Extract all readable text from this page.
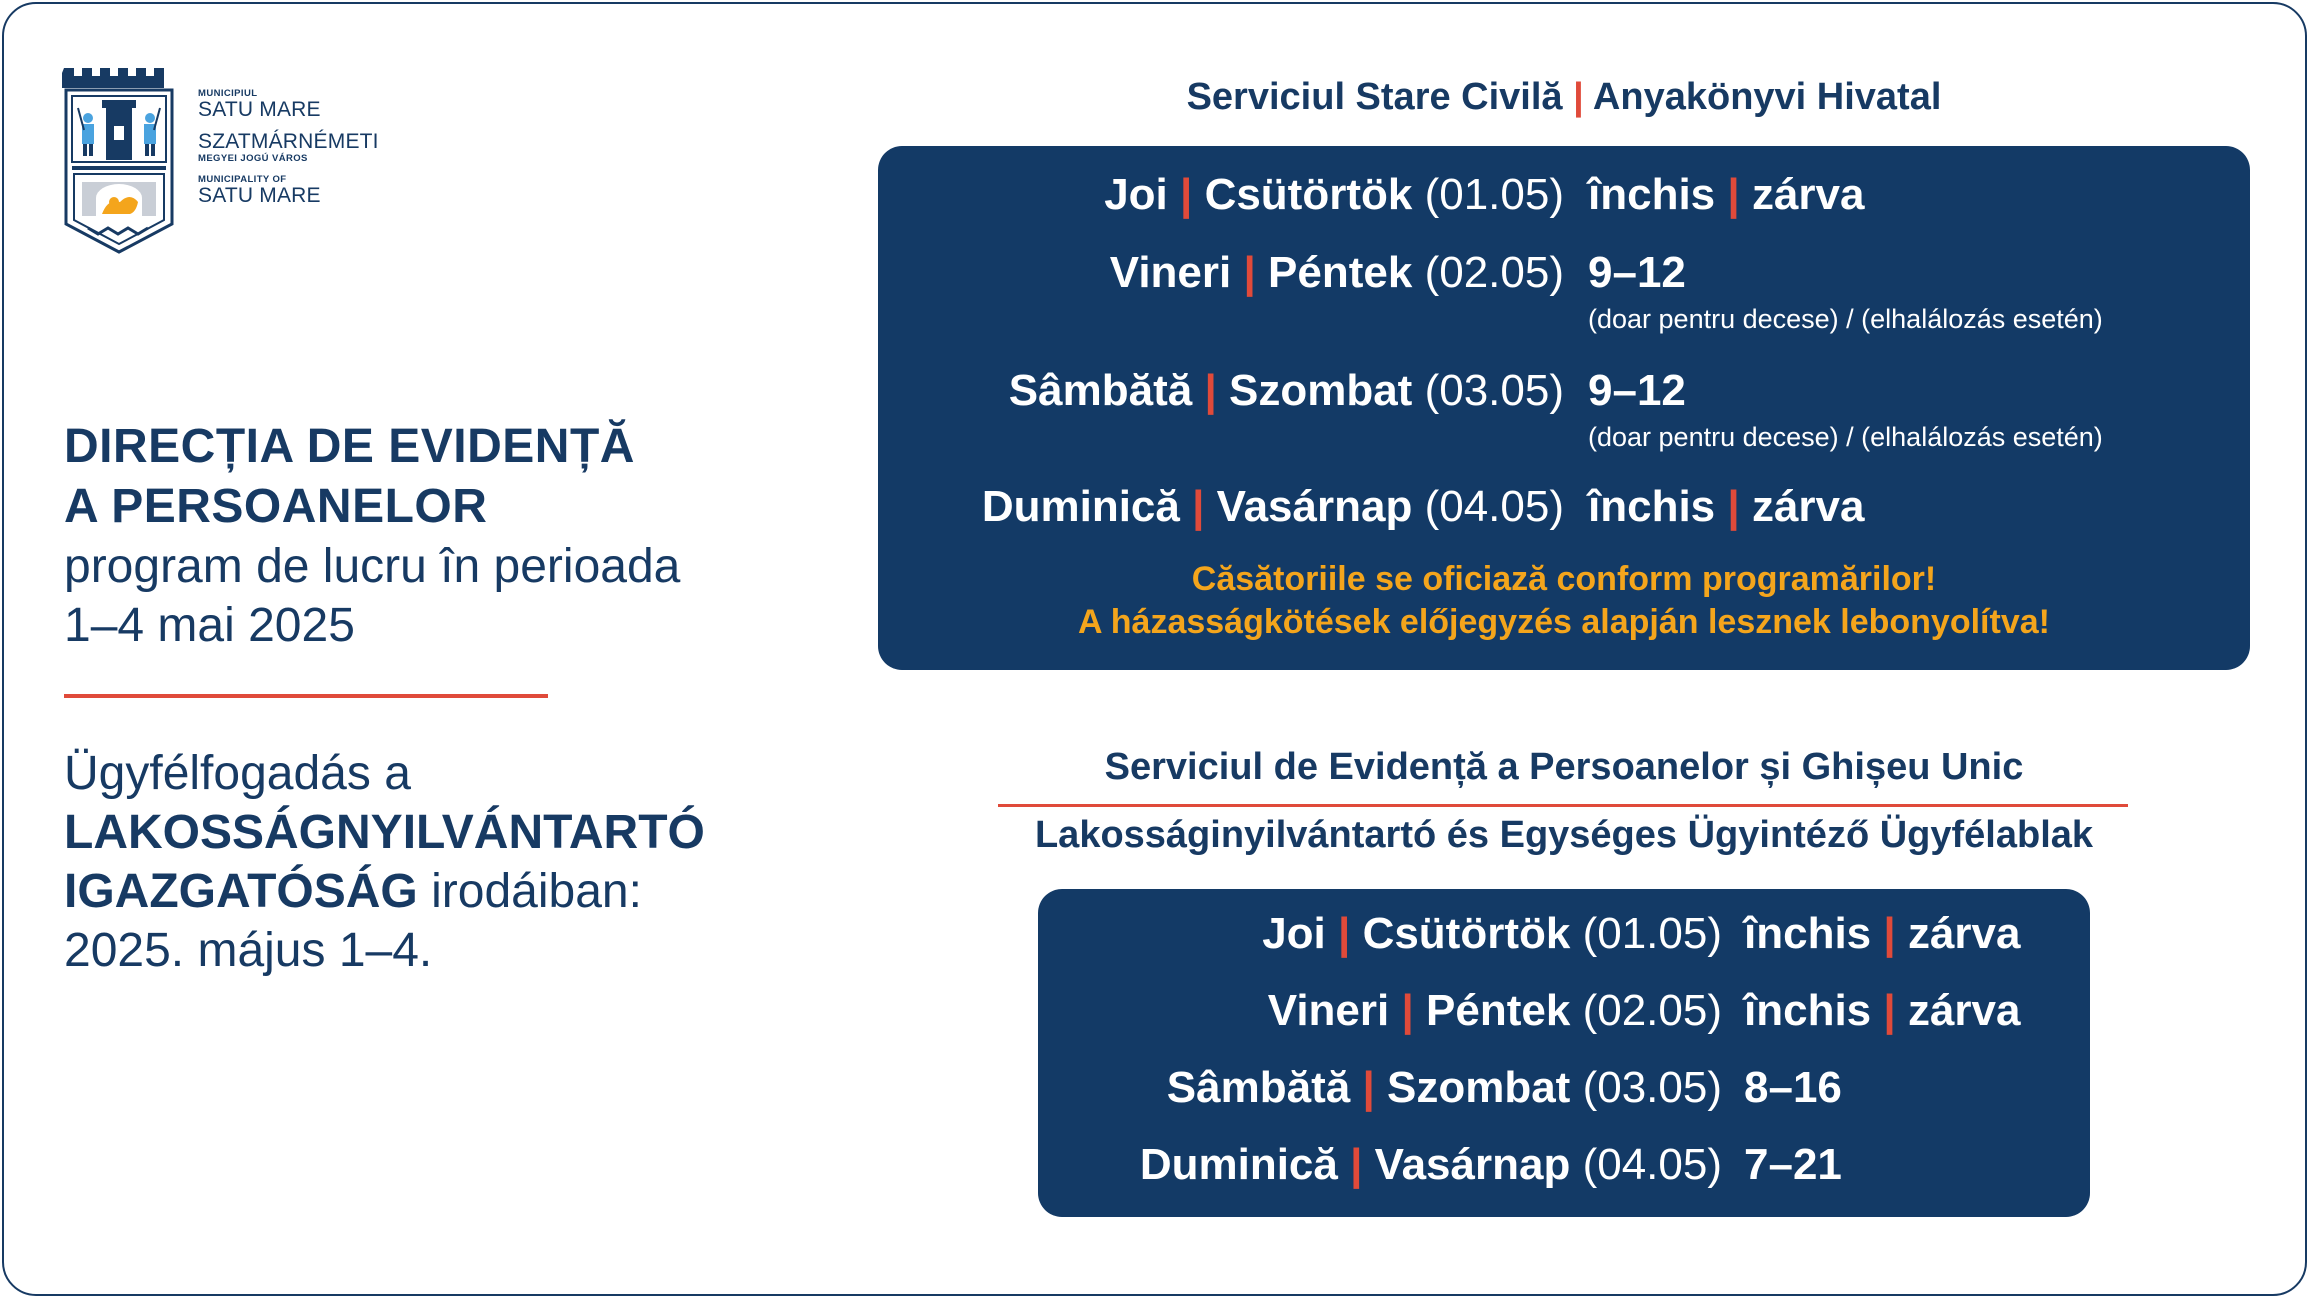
MUNICIPIUL
SATU MARE
SZATMÁRNÉMETI
MEGYEI JOGÚ VÁROS
MUNICIPALITY OF
SATU MARE
DIRECȚIA DE EVIDENȚĂ
A PERSOANELOR
program de lucru în perioada
1–4 mai 2025
Ügyfélfogadás a
LAKOSSÁGNYILVÁNTARTÓ
IGAZGATÓSÁG irodáiban:
2025. május 1–4.
Serviciul Stare Civilă | Anyakönyvi Hivatal
Joi | Csütörtök (01.05) închis | zárva
Vineri | Péntek (02.05) 9–12
(doar pentru decese) / (elhalálozás esetén)
Sâmbătă | Szombat (03.05) 9–12
(doar pentru decese) / (elhalálozás esetén)
Duminică | Vasárnap (04.05) închis | zárva
Căsătoriile se oficiază conform programărilor!
A házasságkötések előjegyzés alapján lesznek lebonyolítva!
Serviciul de Evidență a Persoanelor și Ghișeu Unic
Lakosságinyilvántartó és Egységes Ügyintéző Ügyfélablak
Joi | Csütörtök (01.05) închis | zárva
Vineri | Péntek (02.05) închis | zárva
Sâmbătă | Szombat (03.05) 8–16
Duminică | Vasárnap (04.05) 7–21
